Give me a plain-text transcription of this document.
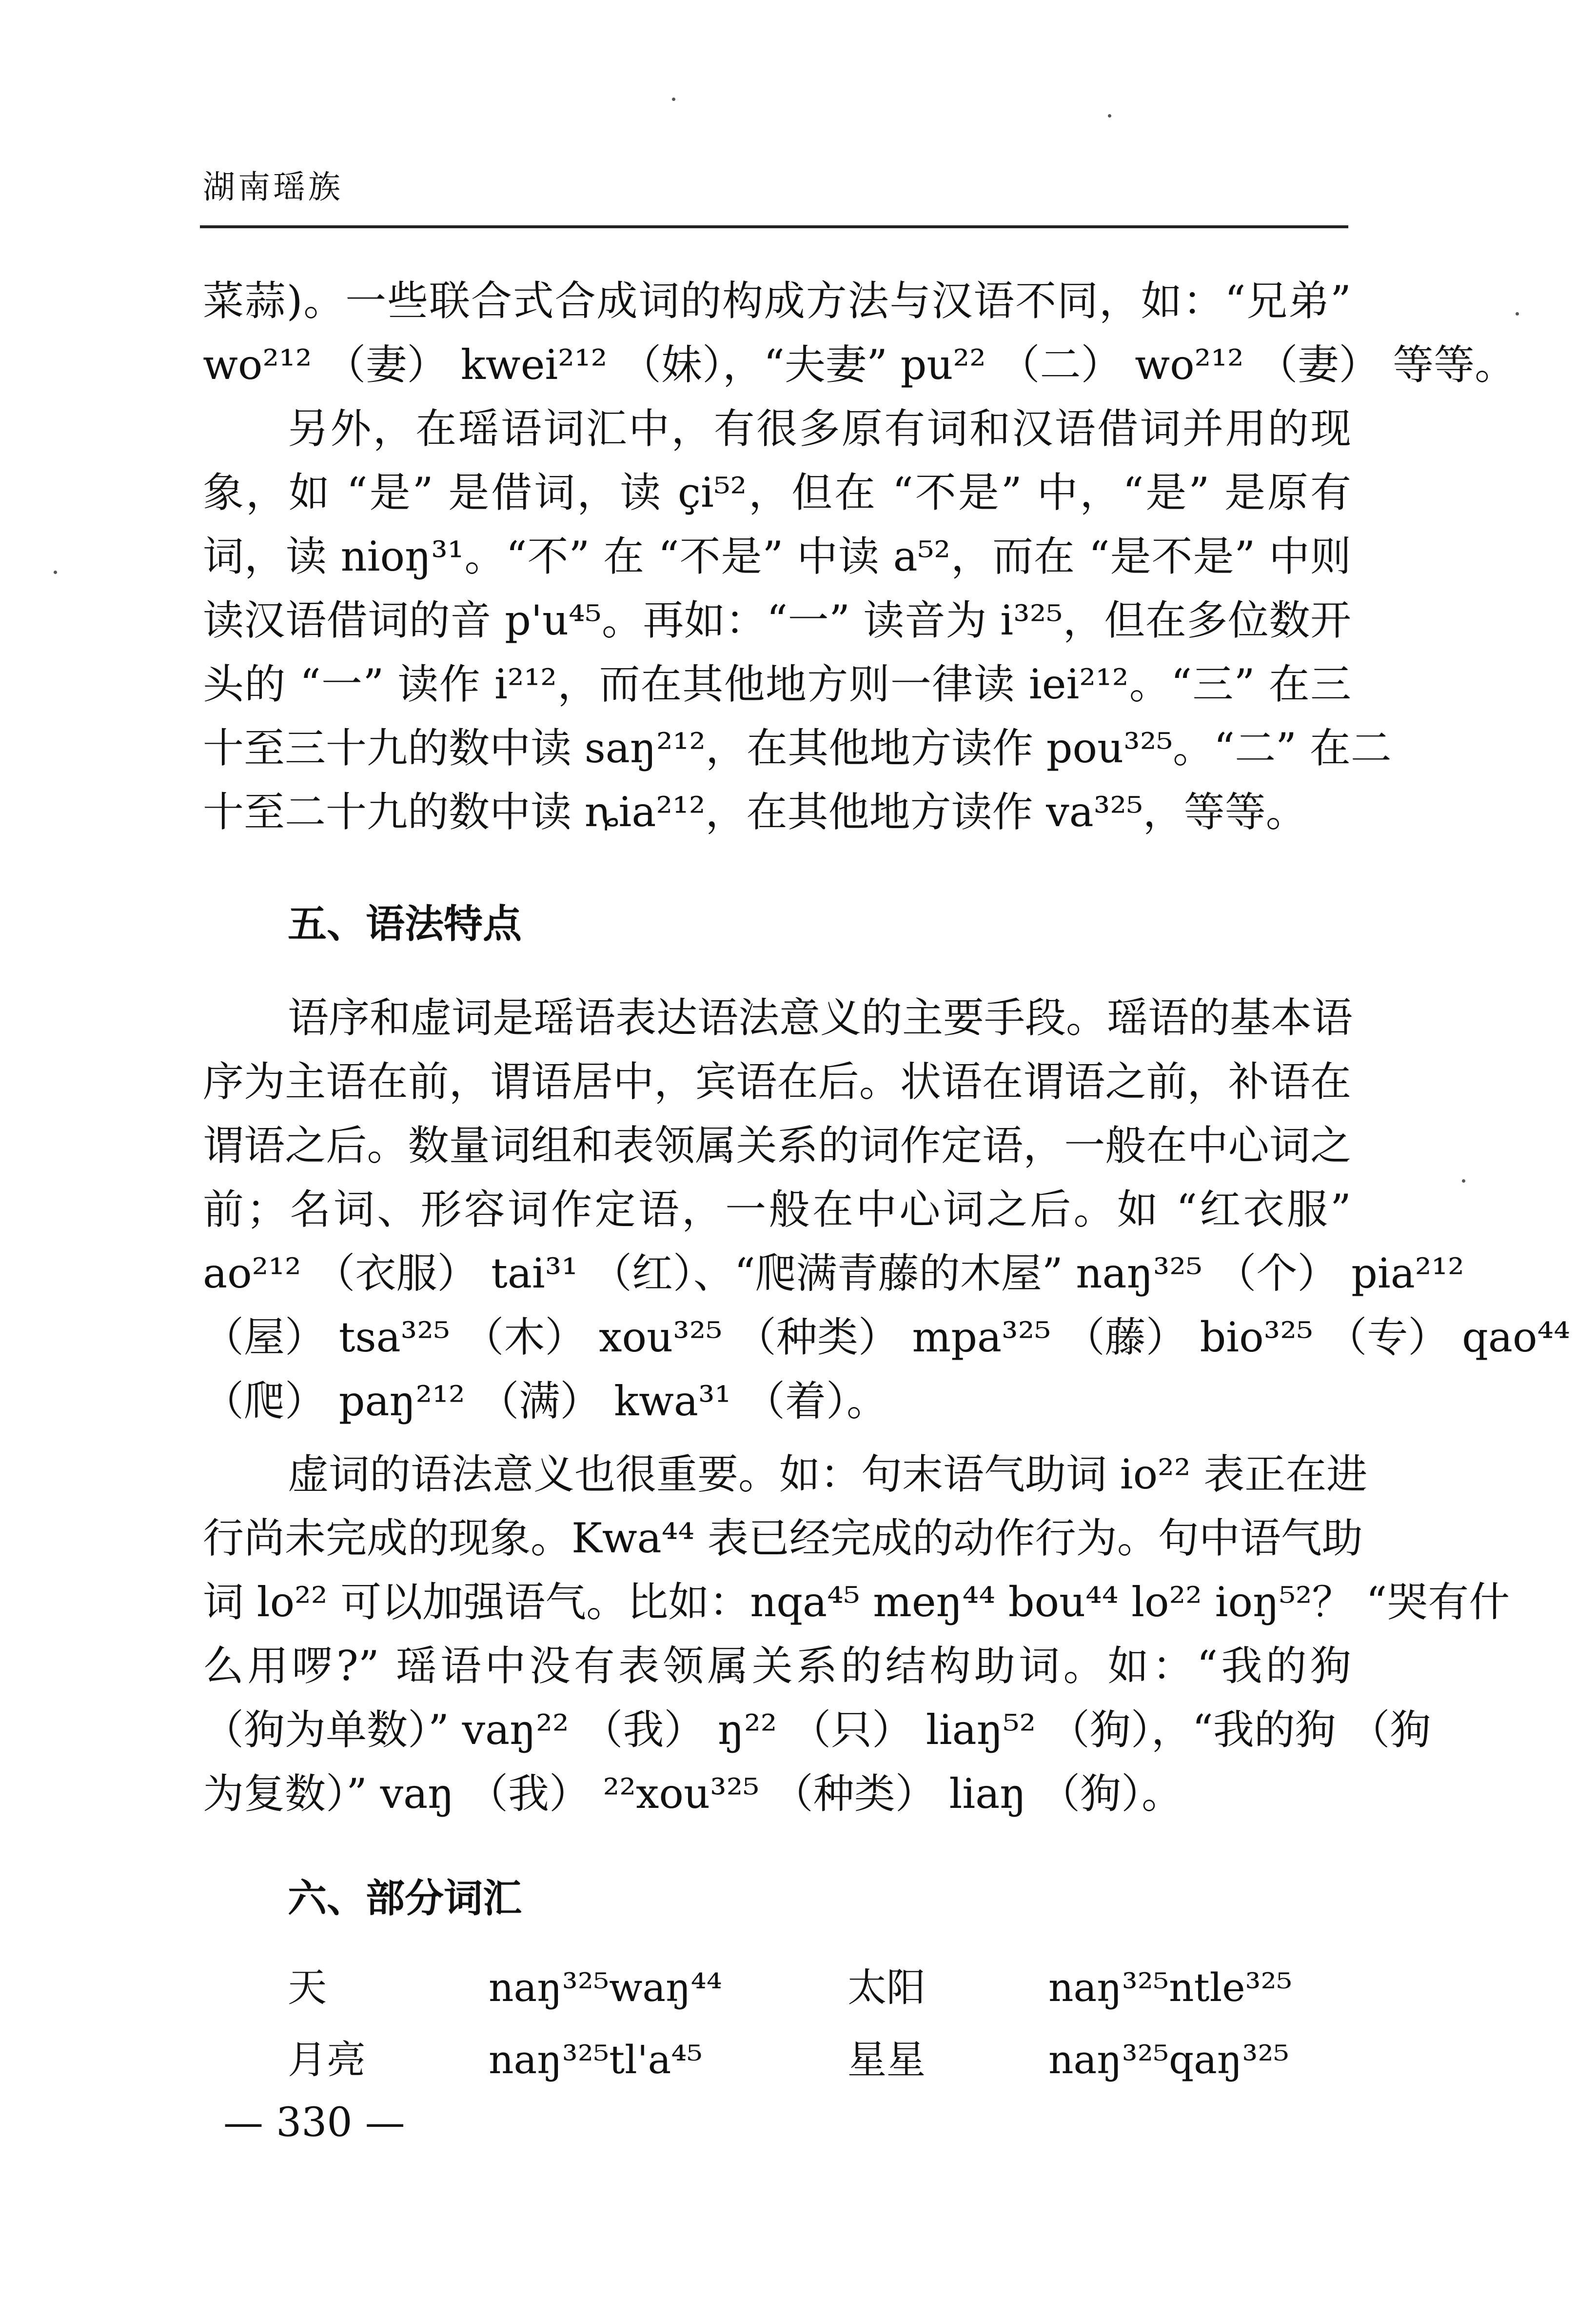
湖南瑶族
菜蒜)。一些联合式合成词的构成方法与汉语不同，如：“兄弟”
wo²¹² （妻） kwei²¹² （妹），“夫妻” pu²² （二） wo²¹² （妻） 等等。
另外，在瑶语词汇中，有很多原有词和汉语借词并用的现
象，如 “是” 是借词，读 çi⁵²，但在 “不是” 中，“是” 是原有
词，读 nioŋ³¹。“不” 在 “不是” 中读 a⁵²，而在 “是不是” 中则
读汉语借词的音 p'u⁴⁵。再如：“一” 读音为 i³²⁵，但在多位数开
头的 “一” 读作 i²¹²，而在其他地方则一律读 iei²¹²。“三” 在三
十至三十九的数中读 saŋ²¹²，在其他地方读作 pou³²⁵。“二” 在二
十至二十九的数中读 ȵia²¹²，在其他地方读作 va³²⁵，等等。
五、语法特点
语序和虚词是瑶语表达语法意义的主要手段。瑶语的基本语
序为主语在前，谓语居中，宾语在后。状语在谓语之前，补语在
谓语之后。数量词组和表领属关系的词作定语，一般在中心词之
前；名词、形容词作定语，一般在中心词之后。如 “红衣服”
ao²¹² （衣服） tai³¹ （红）、“爬满青藤的木屋” naŋ³²⁵ （个） pia²¹²
（屋） tsa³²⁵ （木） xou³²⁵ （种类） mpa³²⁵ （藤） bio³²⁵ （专） qao⁴⁴
（爬） paŋ²¹² （满） kwa³¹ （着）。
虚词的语法意义也很重要。如：句末语气助词 io²² 表正在进
行尚未完成的现象。Kwa⁴⁴ 表已经完成的动作行为。句中语气助
词 lo²² 可以加强语气。比如：nqa⁴⁵ meŋ⁴⁴ bou⁴⁴ lo²² ioŋ⁵²？ “哭有什
么用啰?” 瑶语中没有表领属关系的结构助词。如：“我的狗
（狗为单数）” vaŋ²² （我） ŋ²² （只） liaŋ⁵² （狗），“我的狗 （狗
为复数）” vaŋ （我） ²²xou³²⁵ （种类） liaŋ （狗）。
六、部分词汇
天	naŋ³²⁵waŋ⁴⁴	太阳	naŋ³²⁵ntle³²⁵
月亮	naŋ³²⁵tl'a⁴⁵	星星	naŋ³²⁵qaŋ³²⁵
— 330 —
